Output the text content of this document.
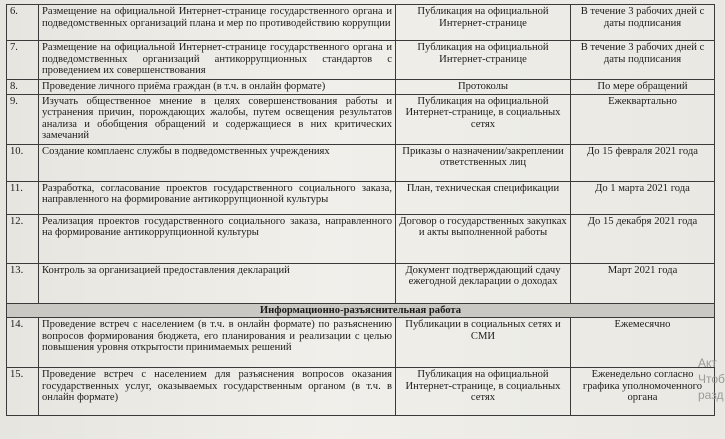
6.	Размещение на официальной Интернет-странице государственного органа и подведомственных организаций плана и мер по противодействию коррупции	Публикация на официальной Интернет-странице	В течение 3 рабочих дней с даты подписания
7.	Размещение на официальной Интернет-странице государственного органа и подведомственных организаций антикоррупционных стандартов с проведением их совершенствования	Публикация на официальной Интернет-странице	В течение 3 рабочих дней с даты подписания
8.	Проведение личного приёма граждан (в т.ч. в онлайн формате)	Протоколы	По мере обращений
9.	Изучать общественное мнение в целях совершенствования работы и устранения причин, порождающих жалобы, путем освещения результатов анализа и обобщения обращений и содержащиеся в них критических замечаний	Публикация на официальной Интернет-странице, в социальных сетях	Ежеквартально
10.	Создание комплаенс службы в подведомственных учреждениях	Приказы о назначении/закреплении ответственных лиц	До 15 февраля 2021 года
11.	Разработка, согласование проектов государственного социального заказа, направленного на формирование антикоррупционной культуры	План, техническая спецификации	До 1 марта 2021 года
12.	Реализация проектов государственного социального заказа, направленного на формирование антикоррупционной культуры	Договор о государственных закупках и акты выполненной работы	До 15 декабря 2021 года
13.	Контроль за организацией предоставления деклараций	Документ подтверждающий сдачу ежегодной декларации о доходах	Март 2021 года
Информационно-разъяснительная работа			
14.	Проведение встреч с населением (в т.ч. в онлайн формате) по разъяснению вопросов формирования бюджета, его планирования и реализации с целью повышения уровня открытости принимаемых решений	Публикации в социальных сетях и СМИ	Ежемесячно
15.	Проведение встреч с населением для разъяснения вопросов оказания государственных услуг, оказываемых государственным органом (в т.ч. в онлайн формате)	Публикация на официальной Интернет-странице, в социальных сетях	Еженедельно согласно графика уполномоченного органа
Акт
Чтоб
разд
